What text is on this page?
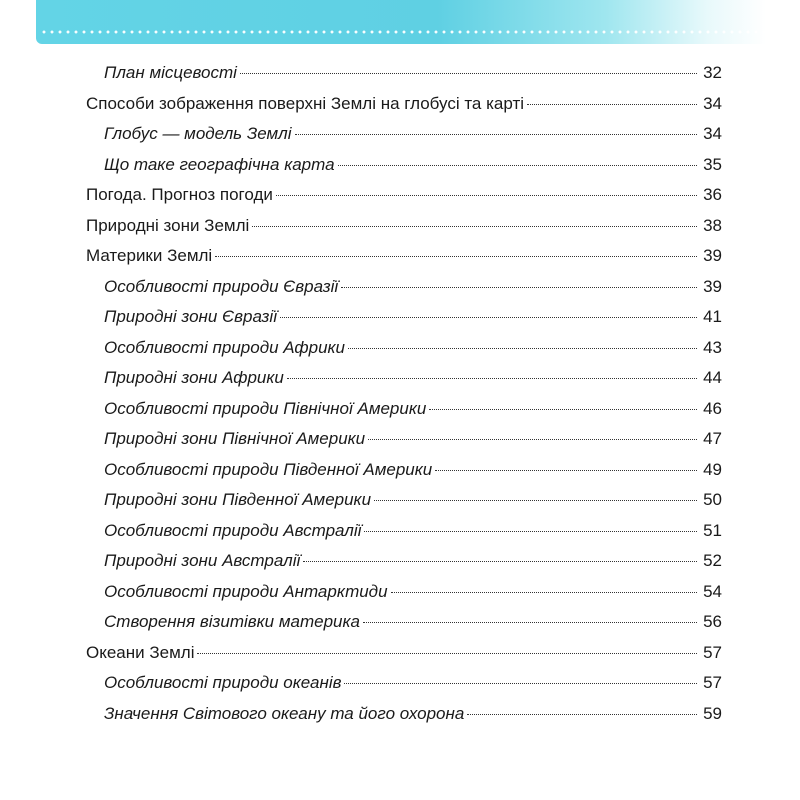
План місцевості	32
Способи зображення поверхні Землі на глобусі та карті	34
Глобус — модель Землі	34
Що таке географічна карта	35
Погода. Прогноз погоди	36
Природні зони Землі	38
Материки Землі	39
Особливості природи Євразії	39
Природні зони Євразії	41
Особливості природи Африки	43
Природні зони Африки	44
Особливості природи Північної Америки	46
Природні зони Північної Америки	47
Особливості природи Південної Америки	49
Природні зони Південної Америки	50
Особливості природи Австралії	51
Природні зони Австралії	52
Особливості природи Антарктиди	54
Створення візитівки материка	56
Океани Землі	57
Особливості природи океанів	57
Значення Світового океану та його охорона	59
